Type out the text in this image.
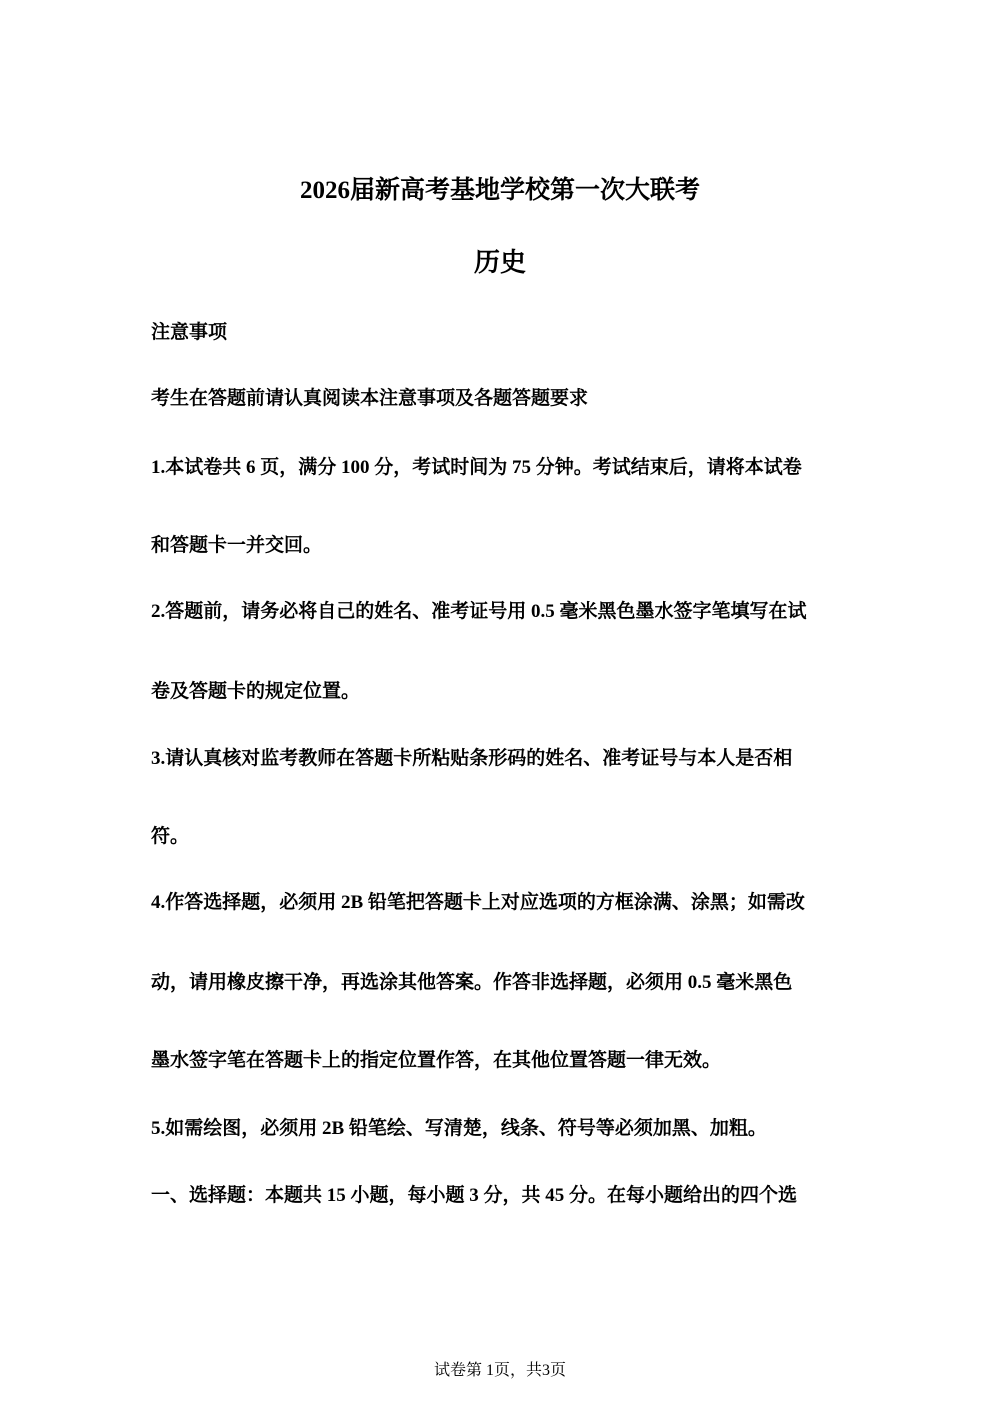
2026届新高考基地学校第一次大联考
历史
注意事项
考生在答题前请认真阅读本注意事项及各题答题要求
1.本试卷共 6 页，满分 100 分，考试时间为 75 分钟。考试结束后，请将本试卷
和答题卡一并交回。
2.答题前，请务必将自己的姓名、准考证号用 0.5 毫米黑色墨水签字笔填写在试
卷及答题卡的规定位置。
3.请认真核对监考教师在答题卡所粘贴条形码的姓名、准考证号与本人是否相
符。
4.作答选择题，必须用 2B 铅笔把答题卡上对应选项的方框涂满、涂黑；如需改
动，请用橡皮擦干净，再选涂其他答案。作答非选择题，必须用 0.5 毫米黑色
墨水签字笔在答题卡上的指定位置作答，在其他位置答题一律无效。
5.如需绘图，必须用 2B 铅笔绘、写清楚，线条、符号等必须加黑、加粗。
一、选择题：本题共 15 小题，每小题 3 分，共 45 分。在每小题给出的四个选
试卷第 1页，共3页
